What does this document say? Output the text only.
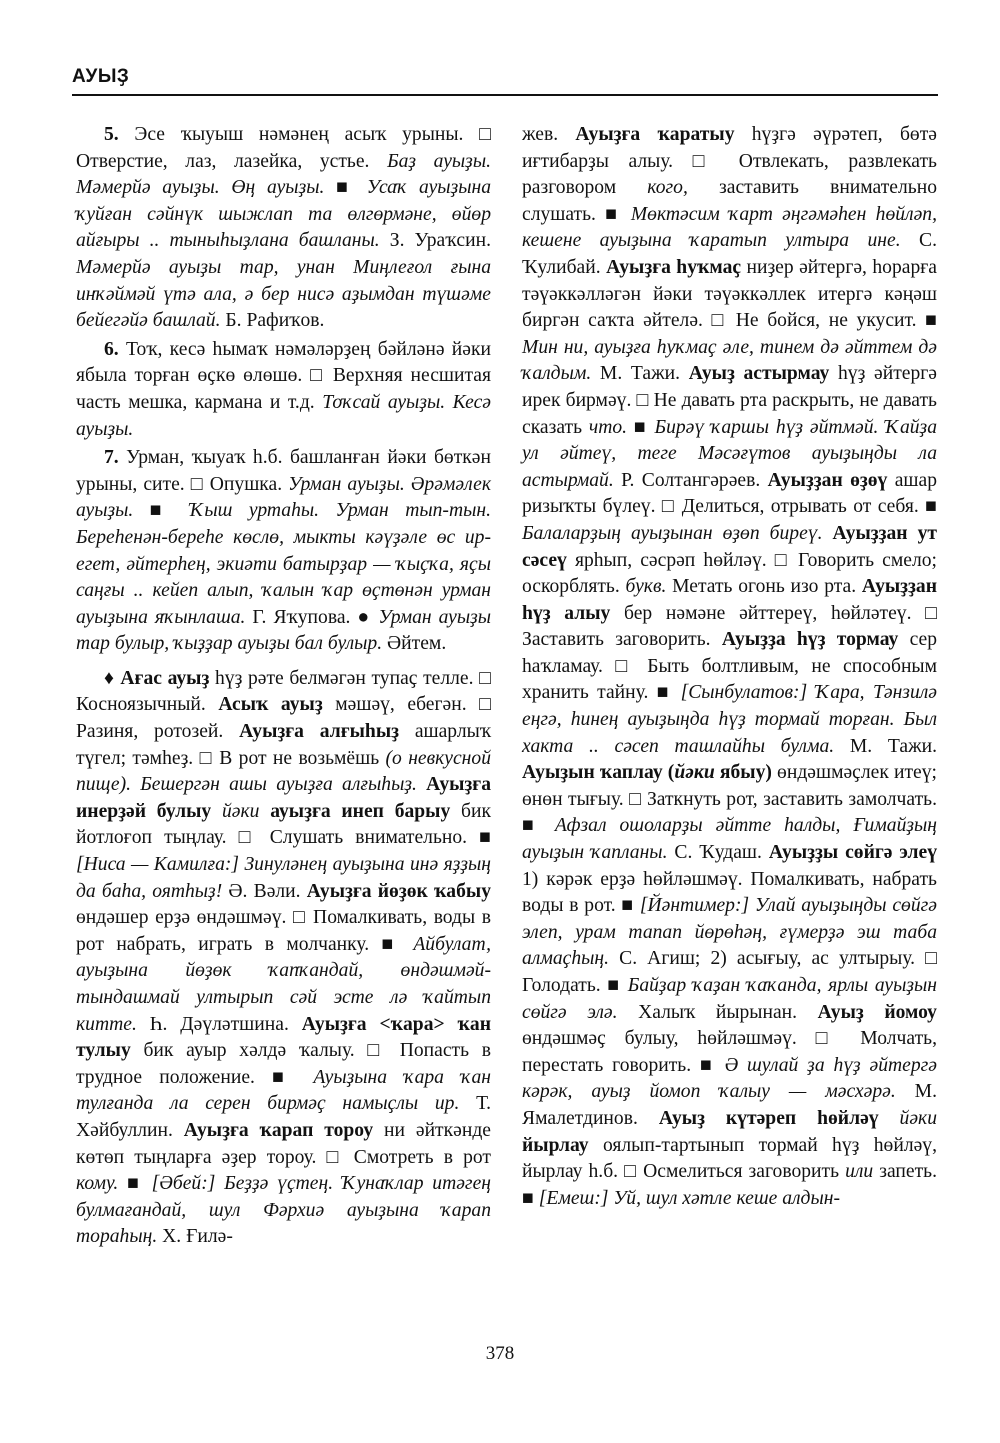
АУЫҘ

5. Эсе ҡыуыш нәмәнең асыҡ урыны. □ Отверстие, лаз, лазейка, устье. Баҙ ауыҙы. Мәмерйә ауыҙы. Өң ауыҙы. ■ Усаҡ ауыҙына ҡуйған сәйнүк шыжлап та өлгөрмәне, өйөр айғыры .. тыныһыҙлана башланы. З. Ураҡсин. Мәмерйә ауыҙы тар, унан Миңлеғол ғына инҡәймәй үтә ала, ә бер нисә аҙымдан түшәме бейегәйә башлай. Б. Рафиҡов.

6. Тоҡ, кесә һымаҡ нәмәләрҙең бәйләнә йәки ябыла торған өҫкө өлөшө. □ Верхняя несшитая часть мешка, кармана и т.д. Тоҡсай ауыҙы. Кесә ауыҙы.

7. Урман, ҡыуаҡ һ.б. башланған йәки бөткән урыны, сите. □ Опушка. Урман ауыҙы. Әрәмәлек ауыҙы. ■ Ҡыш уртаһы. Урман тып-тын. Береһенән-береһе көслө, мыкты кәүҙәле өс ир-егет, әйтерһең, экиәти батырҙар — ҡыҫҡа, яҫы саңғы .. кейеп алып, ҡалын ҡар өҫтөнән урман ауыҙына яҡынлаша. Г. Яҡупова. ● Урман ауыҙы тар булыр, ҡыҙҙар ауыҙы бал булыр. Әйтем.

♦ Ағас ауыҙ һүҙ рәте белмәгән тупаҫ телле. □ Косноязычный. Асыҡ ауыҙ мәшәү, ебегән. □ Разиня, ротозей. Ауыҙға алғыһыҙ ашарлыҡ түгел; тәмһеҙ. □ В рот не возьмёшь (о невкусной пище). Бешергән ашы ауыҙға алғыһыҙ. Ауыҙға инерҙәй булыу йәки ауыҙға инеп барыу бик йотлоғоп тыңлау. □ Слушать внимательно. ■ [Ниса — Камилға:] Зинуләнең ауыҙына инә яҙҙың да баһа, оятһыҙ! Ә. Вәли. Ауыҙға йөҙөк ҡабыу өндәшер ерҙә өндәшмәү. □ Помалкивать, воды в рот набрать, играть в молчанку. ■ Айбулат, ауыҙына йөҙөк ҡапҡандай, өндәшмәй-тындашмай ултырып сәй эсте лә ҡайтып китте. Һ. Дәүләтшина. Ауыҙға <ҡара> ҡан тулыу бик ауыр хәлдә ҡалыу. □ Попасть в трудное положение. ■ Ауыҙына ҡара ҡан тулғанда ла серен бирмәҫ намыҫлы ир. Т. Хәйбуллин. Ауыҙға ҡарап тороу ни әйткәнде көтөп тыңларға әҙер тороу. □ Смотреть в рот кому. ■ [Әбей:] Беҙҙә үҫтең. Ҡунаҡлар итәгең булмағандай, шул Фәрхиә ауыҙына ҡарап тораһың. Х. Ғилә-

жев. Ауыҙға ҡаратыу һүҙгә әүрәтеп, бөтә иғтибарҙы алыу. □ Отвлекать, развлекать разговором кого, заставить внимательно слушать. ■ Мөктәсим ҡарт әңгәмәһен һөйләп, кешене ауыҙына ҡаратып ултыра ине. С. Ҡулибай. Ауыҙға һуҡмаҫ ниҙер әйтергә, һорарға тәүәккәлләгән йәки тәүәккәллек итергә кәңәш биргән саҡта әйтелә. □ Не бойся, не укусит. ■ Мин ни, ауыҙға һуҡмаҫ әле, тинем дә әйттем дә ҡалдым. М. Тажи. Ауыҙ астырмау һүҙ әйтергә ирек бирмәү. □ Не давать рта раскрыть, не давать сказать что. ■ Бирәү ҡаршы һүҙ әйтмәй. Ҡайҙа ул әйтеү, теге Мәсәғүтов ауыҙыңды ла астырмай. Р. Солтангәрәев. Ауыҙҙан өҙөү ашар ризыҡты бүлеү. □ Делиться, отрывать от себя. ■ Балаларҙың ауыҙынан өҙөп биреү. Ауыҙҙан ут сәсеү ярһып, сәсрәп һөйләү. □ Говорить смело; оскорблять. букв. Метать огонь изо рта. Ауыҙҙан һүҙ алыу бер нәмәне әйттереү, һөйләтеү. □ Заставить заговорить. Ауыҙҙа һүҙ тормау сер һаҡламау. □ Быть болтливым, не способным хранить тайну. ■ [Сынбулатов:] Ҡара, Тәнзилә еңгә, һинең ауыҙыңда һүҙ тормай торған. Был хакта .. сәсеп ташлайһы булма. М. Тажи. Ауыҙын ҡаплау (йәки ябыу) өндәшмәҫлек итеү; өнөн тығыу. □ Заткнуть рот, заставить замолчать. ■ Афзал ошоларҙы әйтте һалды, Ғимайҙың ауыҙын ҡапланы. С. Ҡудаш. Ауыҙҙы сөйгә элеү 1) кәрәк ерҙә һөйләшмәү. Помалкивать, набрать воды в рот. ■ [Йәнтимер:] Улай ауыҙыңды сөйгә элеп, урам тапап йөрөһәң, ғүмерҙә эш таба алмаҫһың. С. Агиш; 2) асығыу, ас ултырыу. □ Голодать. ■ Байҙар ҡаҙан ҡаҡанда, ярлы ауыҙын сөйгә элә. Халыҡ йырынан. Ауыҙ йомоу өндәшмәҫ булыу, һөйләшмәү. □ Молчать, перестать говорить. ■ Ә шулай ҙа һүҙ әйтергә кәрәк, ауыҙ йомоп ҡалыу — мәсхәрә. М. Ямалетдинов. Ауыҙ күтәреп һөйләү йәки йырлау оялып-тартынып тормай һүҙ һөйләү, йырлау һ.б. □ Осмелиться заговорить или запеть. ■ [Емеш:] Уй, шул хәтле кеше алдын-

378
